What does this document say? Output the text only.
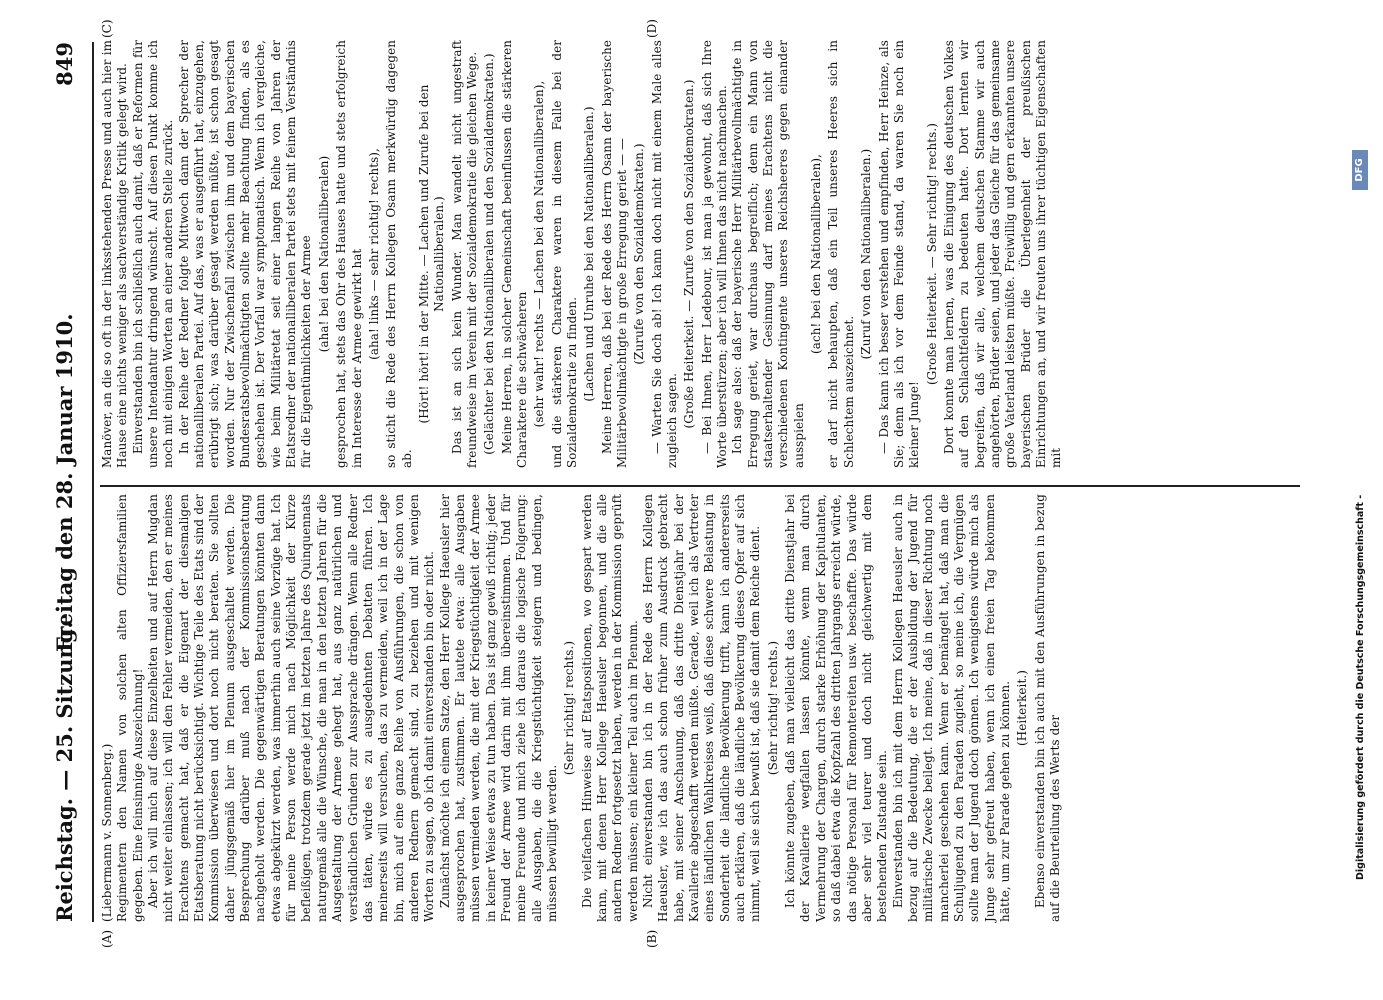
Reichstag. — 25. Sitzung.
Freitag den 28. Januar 1910.
849
(A)	(B)
(C)	(D)

(Liebermann v. Sonnenberg.) Regimentern den Namen von solchen alten Offiziersfamilien gegeben. Eine feinsinnige Auszeichnung! Aber ich will mich auf diese Einzelheiten und auf Herrn Mugdan nicht weiter einlassen; ich will den Fehler vermeiden, den er meines Erachtens gemacht hat, daß er die Eigenart der diesmaligen Etatsberatung nicht berücksichtigt. Wichtige Teile des Etats sind der Kommission überwiesen und dort noch nicht beraten. Sie sollten daher jüngsgemäß hier im Plenum ausgeschaltet werden. Die Besprechung darüber muß nach der Kommissionsberatung nachgeholt werden. Die gegenwärtigen Beratungen könnten dann etwas abgekürzt werden, was immerhin auch seine Vorzüge hat. Ich für meine Person werde mich nach Möglichkeit der Kürze befleißigen, trotzdem gerade jetzt im letzten Jahre des Quinquennats naturgemäß alle die Wünsche, die man in den letzten Jahren für die Ausgestaltung der Armee gehegt hat, aus ganz natürlichen und verständlichen Gründen zur Aussprache drängen. Wenn alle Redner das täten, würde es zu ausgedehnten Debatten führen. Ich meinerseits will versuchen, das zu vermeiden, weil ich in der Lage bin, mich auf eine ganze Reihe von Ausführungen, die schon von anderen Rednern gemacht sind, zu beziehen und mit wenigen Worten zu sagen, ob ich damit einverstanden bin oder nicht. Zunächst möchte ich einem Satze, den Herr Kollege Haeusler hier ausgesprochen hat, zustimmen. Er lautete etwa: alle Ausgaben müssen vermieden werden, die mit der Kriegstüchtigkeit der Armee in keiner Weise etwas zu tun haben. Das ist ganz gewiß richtig; jeder Freund der Armee wird darin mit ihm übereinstimmen. Und für meine Freunde und mich ziehe ich daraus die logische Folgerung: alle Ausgaben, die die Kriegstüchtigkeit steigern und bedingen, müssen bewilligt werden.

(Sehr richtig! rechts.) Die vielfachen Hinweise auf Etatspositionen, wo gespart werden kann, mit denen Herr Kollege Haeusler begonnen, und die alle andern Redner fortgesetzt haben, werden in der Kommission geprüft werden müssen; ein kleiner Teil auch im Plenum. Nicht einverstanden bin ich in der Rede des Herrn Kollegen Haeusler, wie ich das auch schon früher zum Ausdruck gebracht habe, mit seiner Anschauung, daß das dritte Dienstjahr bei der Kavallerie abgeschafft werden müßte. Gerade, weil ich als Vertreter eines ländlichen Wahlkreises weiß, daß diese schwere Belastung in Sonderheit die ländliche Bevölkerung trifft, kann ich andererseits auch erklären, daß die ländliche Bevölkerung dieses Opfer auf sich nimmt, weil sie sich bewußt ist, daß sie damit dem Reiche dient. (Sehr richtig! rechts.) Ich könnte zugeben, daß man vielleicht das dritte Dienstjahr bei der Kavallerie wegfallen lassen könnte, wenn man durch Vermehrung der Chargen, durch starke Erhöhung der Kapitulanten, so daß dabei etwa die Kopfzahl des dritten Jahrgangs erreicht würde, das nötige Personal für Remontereiten usw. beschaffte. Das würde aber sehr viel teurer und doch nicht gleichwertig mit dem bestehenden Zustande sein. Einverstanden bin ich mit dem Herrn Kollegen Haeusler auch in bezug auf die Bedeutung, die er der Ausbildung der Jugend für militärische Zwecke beilegt. Ich meine, daß in dieser Richtung noch mancherlei geschehen kann. Wenn er bemängelt hat, daß man die Schuljugend zu den Paraden zugieht, so meine ich, die Vergnügen sollte man der Jugend doch gönnen. Ich wenigstens würde mich als Junge sehr gefreut haben, wenn ich einen freien Tag bekommen hätte, um zur Parade gehen zu können. (Heiterkeit.) Ebenso einverstanden bin ich auch mit den Ausführungen in bezug auf die Beurteilung des Werts der

Manöver, an die so oft in der linksstehenden Presse und auch hier im Hause eine nichts weniger als sachverständige Kritik gelegt wird. Einverstanden bin ich schließlich auch damit, daß er Reformen für unsere Intendantur dringend wünscht. Auf diesen Punkt komme ich noch mit einigen Worten an einer anderen Stelle zurück. In der Reihe der Redner folgte Mittwoch dann der Sprecher der nationalliberalen Partei. Auf das, was er ausgeführt hat, einzugehen, erübrigt sich; was darüber gesagt werden müßte, ist schon gesagt worden. Nur der Zwischenfall zwischen ihm und dem bayerischen Bundesratsbevollmächtigten sollte mehr Beachtung finden, als es geschehen ist. Der Vorfall war symptomatisch. Wenn ich vergleiche, wie beim Militäretat seit einer langen Reihe von Jahren der Etatsredner der nationalliberalen Partei stets mit feinem Verständnis für die Eigentümlichkeiten der Armee (aha! bei den Nationalliberalen) gesprochen hat, stets das Ohr des Hauses hatte und stets erfolgreich im Interesse der Armee gewirkt hat (aha! links — sehr richtig! rechts), so sticht die Rede des Herrn Kollegen Osann merkwürdig dagegen ab.

(Hört! hört! in der Mitte. — Lachen und Zurufe bei den Nationalliberalen.) Das ist an sich kein Wunder. Man wandelt nicht ungestraft freundweise im Verein mit der Sozialdemokratie die gleichen Wege. (Gelächter bei den Nationalliberalen und den Sozialdemokraten.) Meine Herren, in solcher Gemeinschaft beeinflussen die stärkeren Charaktere die schwächeren (sehr wahr! rechts — Lachen bei den Nationalliberalen), und die stärkeren Charaktere waren in diesem Falle bei der Sozialdemokratie zu finden. (Lachen und Unruhe bei den Nationalliberalen.) Meine Herren, daß bei der Rede des Herrn Osann der bayerische Militärbevollmächtigte in große Erregung geriet — — (Zurufe von den Sozialdemokraten.) — Warten Sie doch ab! Ich kann doch nicht mit einem Male alles zugleich sagen. (Große Heiterkeit. — Zurufe von den Sozialdemokraten.) — Bei Ihnen, Herr Ledebour, ist man ja gewohnt, daß sich Ihre Worte überstürzen; aber ich will Ihnen das nicht nachmachen. Ich sage also: daß der bayerische Herr Militärbevollmächtigte in Erregung geriet, war durchaus begreiflich; denn ein Mann von staatserhaltender Gesinnung darf meines Erachtens nicht die verschiedenen Kontingente unseres Reichsheeres gegen einander ausspielen

(ach! bei den Nationalliberalen), er darf nicht behaupten, daß ein Teil unseres Heeres sich in Schlechtem auszeichnet.

(Zuruf von den Nationalliberalen.) — Das kann ich besser verstehen und empfinden, Herr Heinze, als Sie; denn als ich vor dem Feinde stand, da waren Sie noch ein kleiner Junge!

(Große Heiterkeit. — Sehr richtig! rechts.) Dort konnte man lernen, was die Einigung des deutschen Volkes auf den Schlachtfeldern zu bedeuten hatte. Dort lernten wir begreifen, daß wir alle, welchem deutschen Stamme wir auch angehörten, Brüder seien, und jeder das Gleiche für das gemeinsame große Vaterland leisten müßte. Freiwillig und gern erkannten unsere bayerischen Brüder die Überlegenheit der preußischen Einrichtungen an, und wir freuten uns ihrer tüchtigen Eigenschaften mit

Digitalisierung gefördert durch die Deutsche Forschungsgemeinschaft -
DFG
